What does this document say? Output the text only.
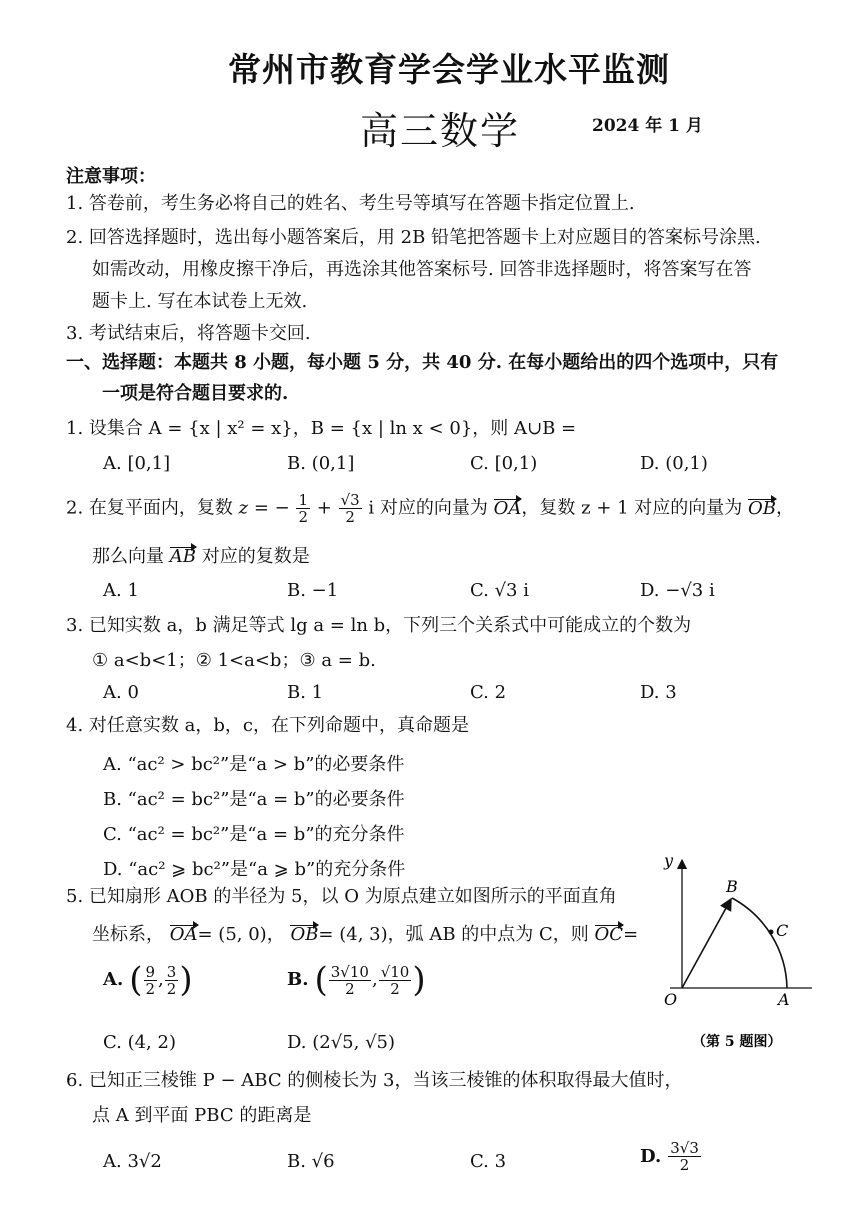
常州市教育学会学业水平监测
高三数学	2024 年 1 月
注意事项：
1. 答卷前，考生务必将自己的姓名、考生号等填写在答题卡指定位置上.
2. 回答选择题时，选出每小题答案后，用 2B 铅笔把答题卡上对应题目的答案标号涂黑.
如需改动，用橡皮擦干净后，再选涂其他答案标号. 回答非选择题时，将答案写在答
题卡上. 写在本试卷上无效.
3. 考试结束后，将答题卡交回.
一、选择题：本题共 8 小题，每小题 5 分，共 40 分. 在每小题给出的四个选项中，只有
一项是符合题目要求的.
1. 设集合 A = {x | x² = x}，B = {x | ln x < 0}，则 A∪B =
A. [0,1]	B. (0,1]	C. [0,1)	D. (0,1)
2. 在复平面内，复数 z = − $\frac{1}{2} + \frac{√3}{2}$ i 对应的向量为 OA，复数 z + 1 对应的向量为 OB，
那么向量 AB 对应的复数是
A. 1	B. −1	C. √3 i	D. −√3 i
3. 已知实数 a，b 满足等式 lg a = ln b，下列三个关系式中可能成立的个数为
① a<b<1；② 1<a<b；③ a = b.
A. 0	B. 1	C. 2	D. 3
4. 对任意实数 a，b，c，在下列命题中，真命题是
A. “ac² > bc²”是“a > b”的必要条件
B. “ac² = bc²”是“a = b”的必要条件
C. “ac² = bc²”是“a = b”的充分条件
D. “ac² ⩾ bc²”是“a ⩾ b”的充分条件
5. 已知扇形 AOB 的半径为 5，以 O 为原点建立如图所示的平面直角
坐标系， OA= (5, 0)， OB= (4, 3)，弧 AB 的中点为 C，则 OC=
A. ( $\frac{9}{2}$ , $\frac{3}{2}$ )	B. ( $\frac{3√10}{2}$ , $\frac{√10}{2}$ )
C. (4, 2)	D. (2√5, √5)
y
B
C
O	A
（第 5 题图）
6. 已知正三棱锥 P − ABC 的侧棱长为 3，当该三棱锥的体积取得最大值时，
点 A 到平面 PBC 的距离是
A. 3√2	B. √6	C. 3	D. $\frac{3√3}{2}$
